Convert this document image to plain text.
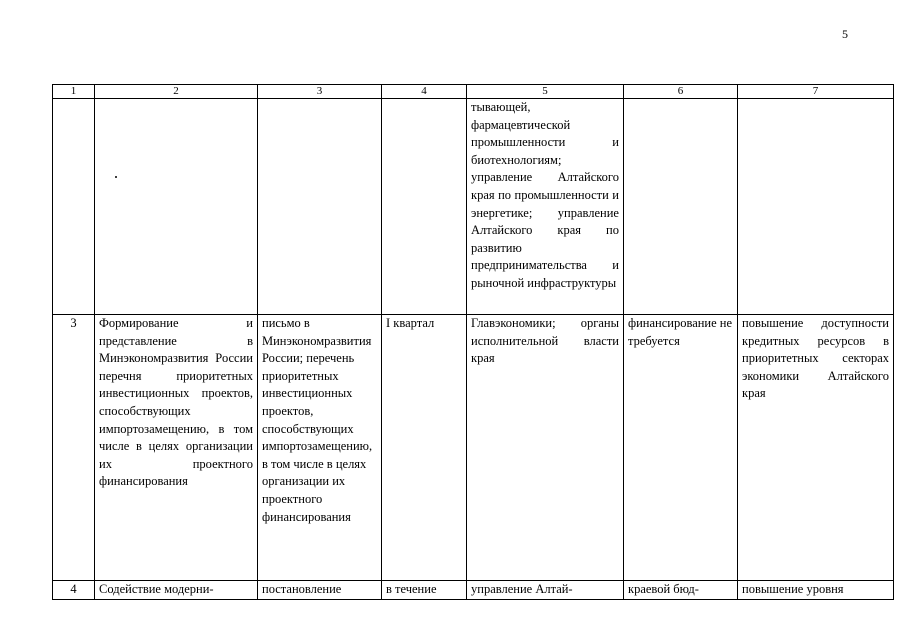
5
1	2	3	4	5	6	7
				тывающей, фармацевтической промышленности и биотехнологиям; управление Алтайского края по промышленности и энергетике; управление Алтайского края по развитию предпринимательства и рыночной инфраструктуры		
3	Формирование и представление в Минэкономразвития России перечня приоритетных инвестиционных проектов, способствующих импортозамещению, в том числе в целях организации их проектного финансирования	письмо в Минэкономразвития России; перечень приоритетных инвестиционных проектов, способствующих импортозамещению, в том числе в целях организации их проектного финансирования	I квартал	Главэкономики; органы исполнительной власти края	финансирование не требуется	повышение доступности кредитных ресурсов в приоритетных секторах экономики Алтайского края
4	Содействие модерни-	постановление	в течение	управление Алтай-	краевой бюд-	повышение уровня
